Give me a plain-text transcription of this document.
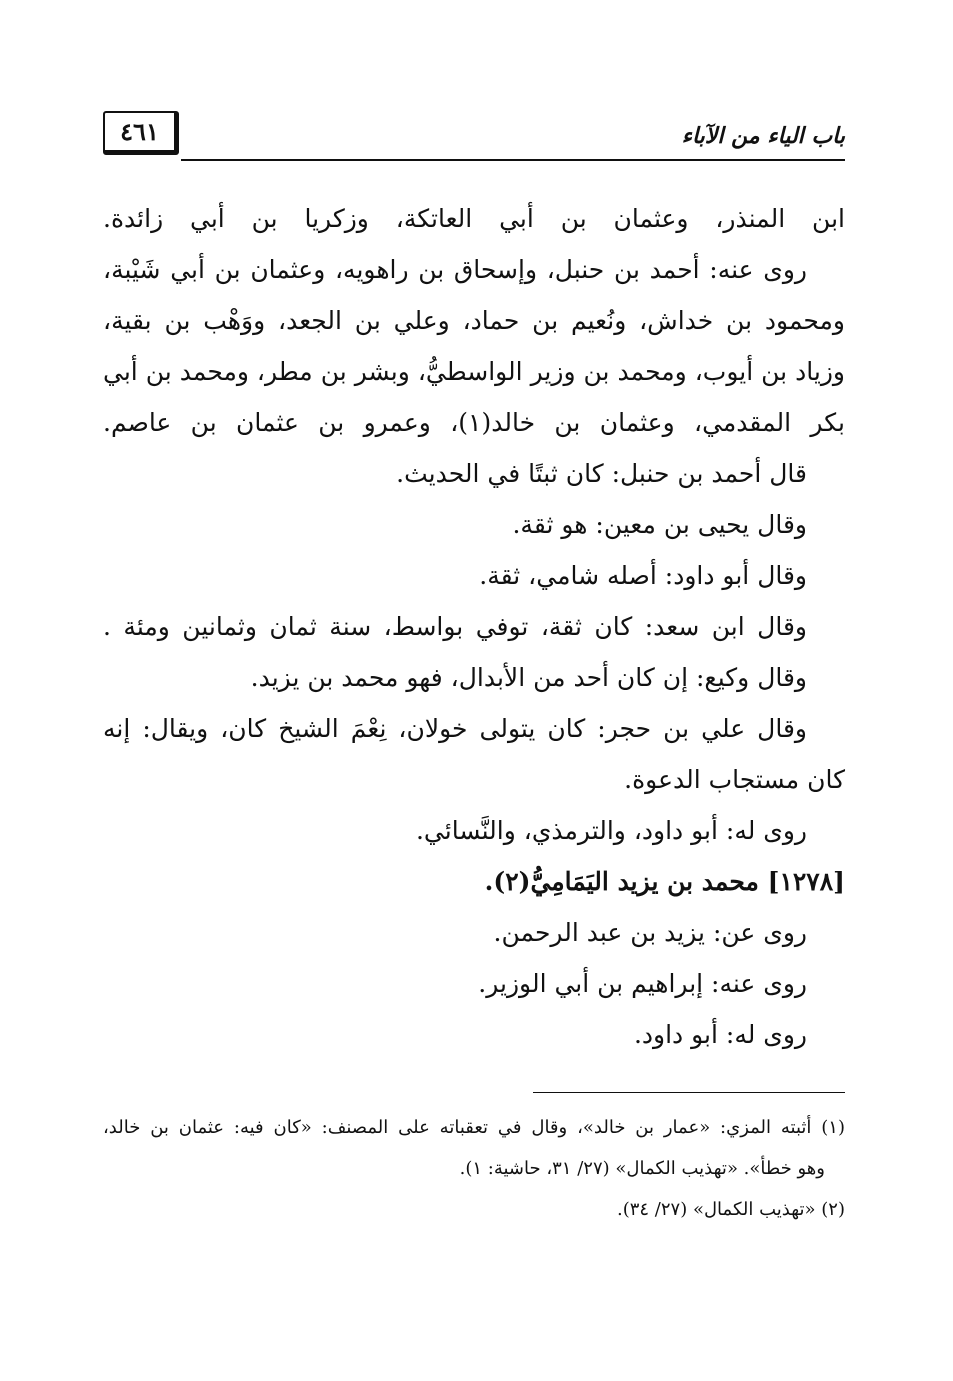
٤٦١	باب الياء من الآباء
ابن المنذر، وعثمان بن أبي العاتكة، وزكريا بن أبي زائدة.
روى عنه: أحمد بن حنبل، وإسحاق بن راهويه، وعثمان بن أبي شَيْبة،
ومحمود بن خداش، ونُعيم بن حماد، وعلي بن الجعد، ووَهْب بن بقية،
وزياد بن أيوب، ومحمد بن وزير الواسطيُّ، وبشر بن مطر، ومحمد بن أبي
بكر المقدمي، وعثمان بن خالد(١)، وعمرو بن عثمان بن عاصم.
قال أحمد بن حنبل: كان ثبتًا في الحديث.
وقال يحيى بن معين: هو ثقة.
وقال أبو داود: أصله شامي، ثقة.
وقال ابن سعد: كان ثقة، توفي بواسط، سنة ثمان وثمانين ومئة .
وقال وكيع: إن كان أحد من الأبدال، فهو محمد بن يزيد.
وقال علي بن حجر: كان يتولى خولان، نِعْمَ الشيخ كان، ويقال: إنه
كان مستجاب الدعوة.
روى له: أبو داود، والترمذي، والنَّسائي.
[١٢٧٨] محمد بن يزيد اليَمَامِيُّ(٢).
روى عن: يزيد بن عبد الرحمن.
روى عنه: إبراهيم بن أبي الوزير.
روى له: أبو داود.
(١) أثبته المزي: «عمار بن خالد»، وقال في تعقباته على المصنف: «كان فيه: عثمان بن خالد،
وهو خطأ». «تهذيب الكمال» (٢٧/ ٣١، حاشية: ١).
(٢) «تهذيب الكمال» (٢٧/ ٣٤).
